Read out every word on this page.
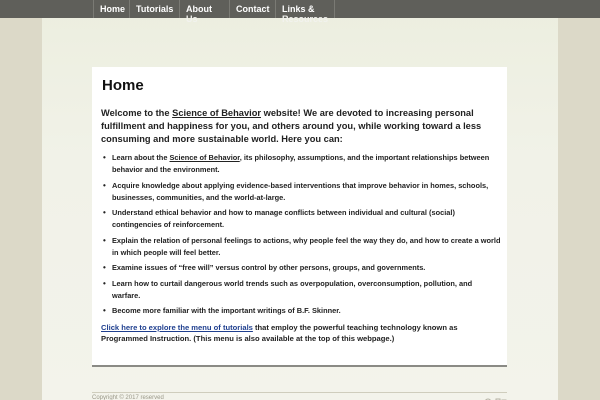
Home	Tutorials	About
Us
Contact	Links &
Resources
Home

Welcome to the Science of Behavior website! We are devoted to increasing personal fulfillment and happiness for you, and others around you, while working toward a less consuming and more sustainable world. Here you can:

• Learn about the Science of Behavior, its philosophy, assumptions, and the important relationships between behavior and the environment.
• Acquire knowledge about applying evidence-based interventions that improve behavior in homes, schools, businesses, communities, and the world-at-large.
• Understand ethical behavior and how to manage conflicts between individual and cultural (social) contingencies of reinforcement.
• Explain the relation of personal feelings to actions, why people feel the way they do, and how to create a world in which people will feel better.
• Examine issues of “free will” versus control by other persons, groups, and governments.
• Learn how to curtail dangerous world trends such as overpopulation, overconsumption, pollution, and warfare.
• Become more familiar with the important writings of B.F. Skinner.

Click here to explore the menu of tutorials that employ the powerful teaching technology known as Programmed Instruction. (This menu is also available at the top of this webpage.)

Copyright © 2017 reserved
